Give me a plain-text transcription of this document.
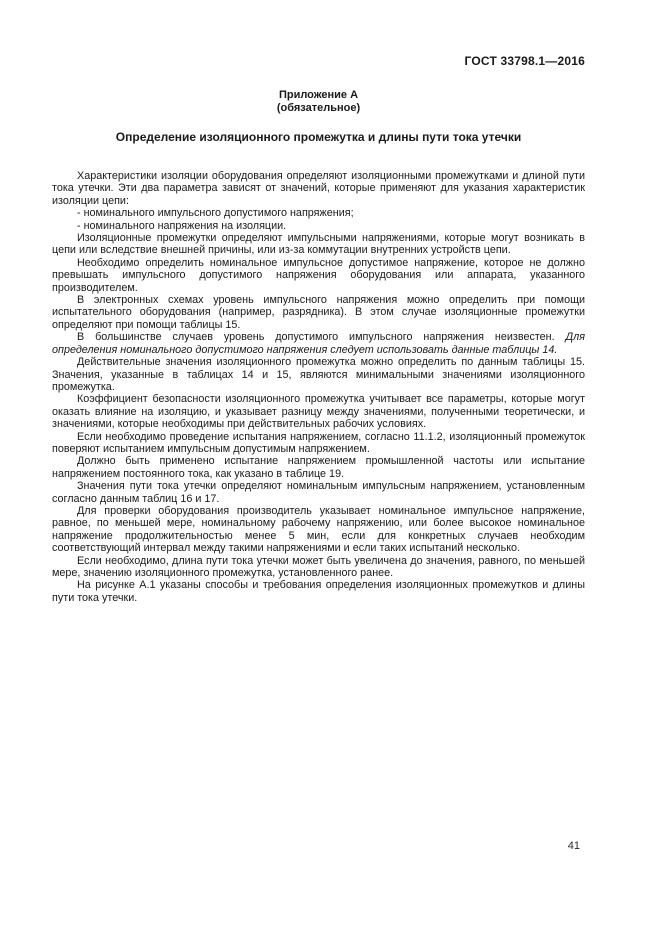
ГОСТ 33798.1—2016
Приложение А
(обязательное)
Определение изоляционного промежутка и длины пути тока утечки

Характеристики изоляции оборудования определяют изоляционными промежутками и длиной пути тока утечки. Эти два параметра зависят от значений, которые применяют для указания характеристик изоляции цепи:

- номинального импульсного допустимого напряжения;

- номинального напряжения на изоляции.

Изоляционные промежутки определяют импульсными напряжениями, которые могут возникать в цепи или вследствие внешней причины, или из-за коммутации внутренних устройств цепи.

Необходимо определить номинальное импульсное допустимое напряжение, которое не должно превышать импульсного допустимого напряжения оборудования или аппарата, указанного производителем.

В электронных схемах уровень импульсного напряжения можно определить при помощи испытательного оборудования (например, разрядника). В этом случае изоляционные промежутки определяют при помощи таблицы 15.

В большинстве случаев уровень допустимого импульсного напряжения неизвестен. Для определения номинального допустимого напряжения следует использовать данные таблицы 14.

Действительные значения изоляционного промежутка можно определить по данным таблицы 15. Значения, указанные в таблицах 14 и 15, являются минимальными значениями изоляционного промежутка.

Коэффициент безопасности изоляционного промежутка учитывает все параметры, которые могут оказать влияние на изоляцию, и указывает разницу между значениями, полученными теоретически, и значениями, которые необходимы при действительных рабочих условиях.

Если необходимо проведение испытания напряжением, согласно 11.1.2, изоляционный промежуток поверяют испытанием импульсным допустимым напряжением.

Должно быть применено испытание напряжением промышленной частоты или испытание напряжением постоянного тока, как указано в таблице 19.

Значения пути тока утечки определяют номинальным импульсным напряжением, установленным согласно данным таблиц 16 и 17.

Для проверки оборудования производитель указывает номинальное импульсное напряжение, равное, по меньшей мере, номинальному рабочему напряжению, или более высокое номинальное напряжение продолжительностью менее 5 мин, если для конкретных случаев необходим соответствующий интервал между такими напряжениями и если таких испытаний несколько.

Если необходимо, длина пути тока утечки может быть увеличена до значения, равного, по меньшей мере, значению изоляционного промежутка, установленного ранее.

На рисунке А.1 указаны способы и требования определения изоляционных промежутков и длины пути тока утечки.

41
